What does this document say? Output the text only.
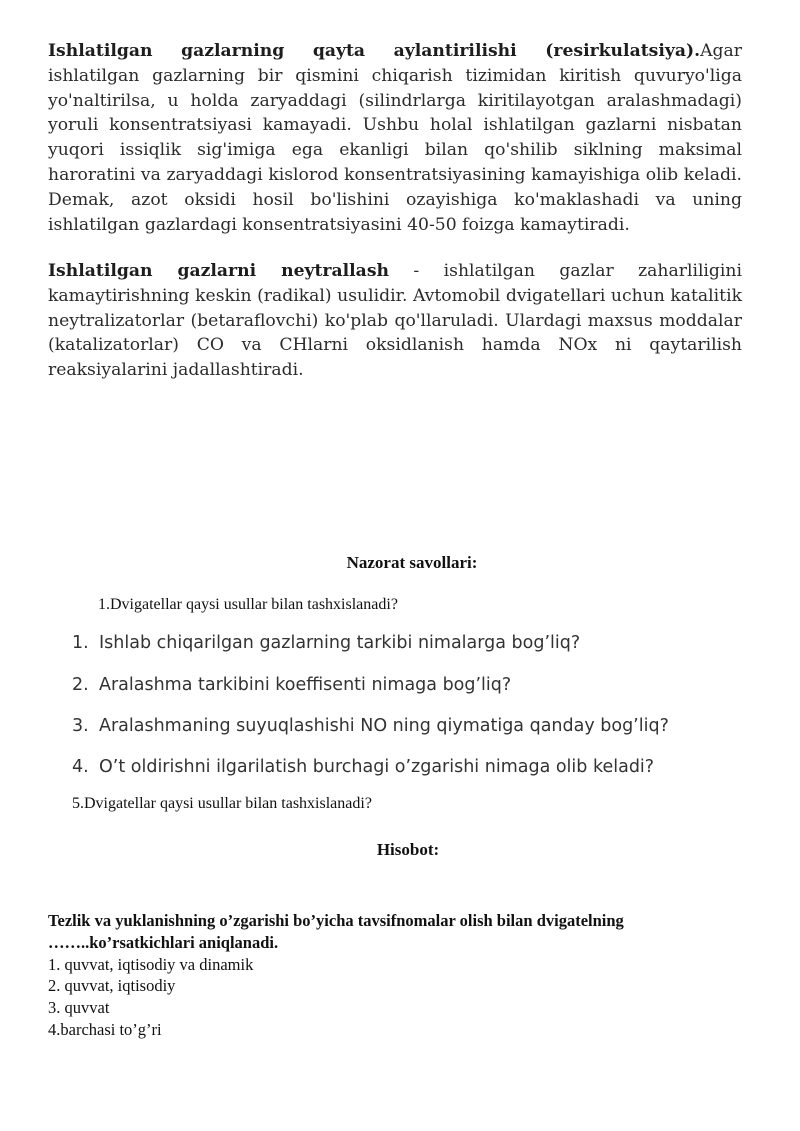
Ishlatilgan gazlarning qayta aylantirilishi (resirkulatsiya).Agar ishlatilgan gazlarning bir qismini chiqarish tizimidan kiritish quvuryo'liga yo'naltirilsa, u holda zaryaddagi (silindrlarga kiritilayotgan aralashmadagi) yoruli konsentratsiyasi kamayadi. Ushbu holal ishlatilgan gazlarni nisbatan yuqori issiqlik sig'imiga ega ekanligi bilan qo'shilib siklning maksimal haroratini va zaryaddagi kislorod konsentratsiyasining kamayishiga olib keladi. Demak, azot oksidi hosil bo'lishini ozayishiga ko'maklashadi va uning ishlatilgan gazlardagi konsentratsiyasini 40-50 foizga kamaytiradi.

Ishlatilgan gazlarni neytrallash - ishlatilgan gazlar zaharliligini kamaytirishning keskin (radikal) usulidir. Avtomobil dvigatellari uchun katalitik neytralizatorlar (betaraflovchi) ko'plab qo'llaruladi. Ulardagi maxsus moddalar (katalizatorlar) CO va CHlarni oksidlanish hamda NOx ni qaytarilish reaksiyalarini jadallashtiradi.

Nazorat savollari:
1.Dvigatellar qaysi usullar bilan tashxislanadi?
1. Ishlab chiqarilgan gazlarning tarkibi nimalarga bog’liq?
2. Aralashma tarkibini koeffisenti nimaga bog’liq?
3. Aralashmaning suyuqlashishi NO ning qiymatiga qanday bog’liq?
4. O’t oldirishni ilgarilatish burchagi o’zgarishi nimaga olib keladi?
5.Dvigatellar qaysi usullar bilan tashxislanadi?
Hisobot:
Tezlik va yuklanishning o’zgarishi bo’yicha tavsifnomalar olish bilan dvigatelning ……..ko’rsatkichlari aniqlanadi.
1. quvvat, iqtisodiy va dinamik
2. quvvat, iqtisodiy
3. quvvat
4.barchasi to’g’ri
